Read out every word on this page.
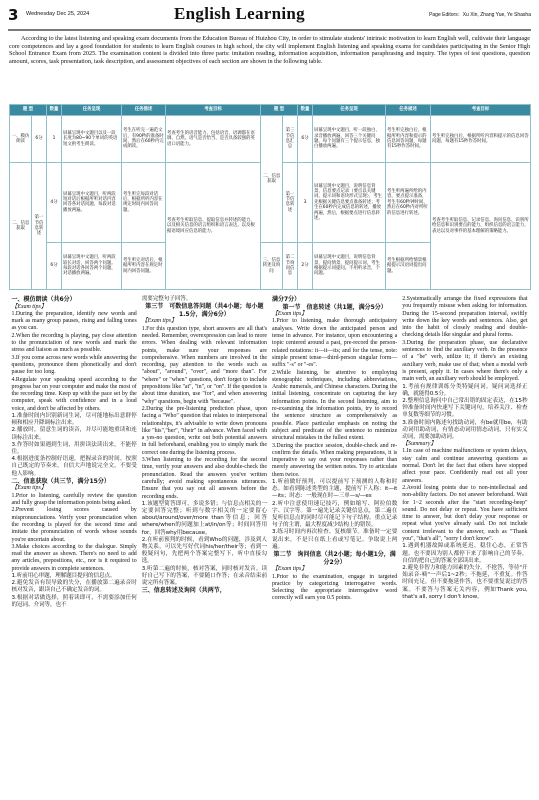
3 Wednesday Dec 25, 2024	English Learning	Page Editors：Xu Xin, Zhang Yue, Ye Shasha

According to the latest listening and speaking exam documents from the Education Bureau of Huizhou City, in order to stimulate students' intrinsic motivation to learn English well, cultivate their language core competences and lay a good foundation for students to learn English courses in high school, the city will implement English listening and speaking exams for candidates participating in the Senior High School Entrance Exam from 2025. The examination content is divided into three parts: imitation reading, information acquisition, information paraphrasing and inquiry. The types of test questions, question amount, scores, task presentation, task description, and assessment objectives of each section are shown in the following table.

题 型		数量	任务呈现	任务描述	考查目标	题 型		数量	任务呈现	任务描述	考查目标
一、模仿朗读	6分	1	屏幕呈现中文题目以及一段长度为80~90个单词的英语短文供考生朗读。	考生在听完一遍范文后，有90秒的准备时间，然后在60秒内完成朗读。	考查考生的语音能力、包括语音、语调都在语调、自然、语气是否恰当、是否具备较强的英语口语能力。	二、信息获取	第三节信息汇总	6分	屏幕呈现中文题目，听一段独白，录音播放两遍，回答三个关键问题，每个问题有三个提示信息，独白播放两遍。	考生听完独白后，根据所听内容和提示的信息回答问题，每题有15秒作答时间。	考生听完独白后，根据所听内容和提示的信息回答问题，每题有15秒作答时间。
二、信息获取	第一节信息转述	4分	屏幕呈现中文题目，听两段短对话后根据所听对话内容回答各对话问题，每段对话播放两遍。	考生听完每段对话后，根据所听内容在规定时间内回答问题。	考查考生听取信息、提取信息并转述的能力，以及相关信息的语言组织和语言表达，以及根据语境回应信息的能力。		第一节信息转述	3	屏幕呈现中文题目，说明信息背景，信息要点记录（要点以关键词、提示词和语块形式呈现），考生先根据关键信息要点准备转述；考生在60秒内完成信息的转述，播放两遍，然后，根据要点进行信息转述。	考生听两遍所给的内容，要点提示准备，考生有60秒钟时间，然后在60秒内对所听的信息进行转述。	考查考生听取信息、记录信息、询问信息、识别所给信息和识别要点的能力，组织信息的语言能力、表达以及对事件的基本理解的策略能力。
		6分	屏幕呈现中文题目，听两段较长对话，回答两个问题。每段对话各回答两个问题，对话播放两遍。	考生听完对话后，根据所听内容在规定时间内回答问题。		三、信息转述及询问	第二节询问信息	2分	屏幕呈现中文题目，说明信息背景，提问情景，提问提示词，考生根据提示词提问。不用听录音，个问题。	考生根据所给情景根据提示汉语词提出问题。	

一、模仿朗读（共6分）

【Exam tips】

1.During the preparation, identify new words and mark as many group pauses, rising and falling tones as you can.

2.When the recording is playing, pay close attention to the pronunciation of new words and mark the stress and liaison as much as possible.

3.If you come across new words while answering the questions, pronounce them phonetically and don't pause for too long.

4.Regulate your speaking speed according to the progress bar on your computer and make the most of the recording time. Keep up with the pace set by the computer, speak with confidence and in a loud voice, and don't be affected by others.

1.准备时间内识别新词生词，尽可能地标出意群停顿和相应升降调标注出来。

2.播放时，留意生词的读音，并尽可能地重读和连读标注出来。

3.作答时如果遇到生词，用拼读法读出来，不能停住。

4.根据进度条控制好语速，把握录音的时间。按照自己既定的节奏来，自信大声地说完全文，不要受他人影响。

二、信息获取（共三节，满分15分）

【Exam tips】

1.Prior to listening, carefully review the question and fully grasp the information points being asked.

2.Prevent losing scores caused by mispronunciations. Verify your pronunciation when the recording is played for the second time and imitate the pronunciation of words whose sounds you're uncertain about.

3.Make choices according to the dialogue. Simply read the answer as shown. There's no need to add any articles, prepositions, etc., nor is it required to provide answers in complete sentences.

1.听前用心审题，理解题目提问的信息点。

2.避免发音有误导致的失分，在播放第二遍录音时核对发音，跟读自己不确定发音的词。

3.根据对话做选择，照着读即可，不需要添加任何的冠词、介词等，也不

需要完整句子回答。

第三节　可数信息答问题（共4小题；每小题1.5分，满分6分）

【Exam tips】

1.For this question type, short answers are all that's needed. Remember, overexpression can lead to more errors. When dealing with relevant information points, make sure your responses are comprehensive. When numbers are involved in the recording, pay attention to the words such as "about", "around", "over", and "more than". For "where" or "when" questions, don't forget to include prepositions like "at", "in", or "on". If the question is about time duration, use "for", and when answering "why" questions, begin with "because".

2.During the pre-listening prediction phase, upon facing a "Who" question that relates to interpersonal relationships, it's advisable to write down pronouns like "his","her", "their" in advance. When faced with a yes-no question, write out both potential answers in full beforehand, enabling you to simply mark the correct one during the listening process.

3.When listening to the recording for the second time, verify your answers and also double-check the pronunciation. Read the answers you've written carefully; avoid making spontaneous utterances. Ensure that you say out all answers before the recording ends.

1.该题型简答即可，多说多错；与信息点相关的一定要回答完整；听到与数字相关的一定要留心about/around/over/more than等信息；回答where/when的问题加上at/in/on等；时间回答用for，回答why用because。

2.在听前预判的时候，看到Who的问题，涉及到人物关系，可以先写好代词his/her/their等；看到一般疑问句，先把两个答案完整写下，听中直接勾选。

3.听第二遍的时候，核对答案，同时核对发音。读好自己写下的答案，不要随口作答；在录音结束前说完所有答案。

三、信息转述及询问（共两节，

满分7分）

第一节　信息转述（共1题，满分5分）

【Exam tips】

1.Prior to listening, make thorough anticipatory analyses. Write down the anticipated person and tense in advance. For instance, upon encountering a topic centered around a past, pre-record the person-related notations: it—it—its; and for the tense, note: simple present tense—third-person singular form—suffix "-s" or "-es".

2.While listening, be attentive to employing stenographic techniques, including abbreviations, Arabic numerals, and Chinese characters. During the initial listening, concentrate on capturing the key information points. In the second listening, aim to re-examining the information points, try to record the sentence structure as comprehensively as possible. Place particular emphasis on noting the subject and predicate of the sentence to minimize structural mistakes in the fullest extent.

3.During the practice session, double-check and re-confirm the details. When making preparations, it is imperative to say out your responses rather than merely answering the written notes. Try to articulate them twice.

1.听前做好预判，可以提前写下预测的人称和时态。如看到陈述类型的主题，提前写下人称：it—it—its；时态：一般现在时—三单—s/—es

2.听中注意使用速记技巧，例如缩写、阿拉伯数字、汉字等。第一遍先记录关键信息点，第二遍在复听信息点的同时尽可能记下句子结构。重点记录句子的主谓，最大程度减少结构上的错误。

3.练习时间内再次检查、复核细节。准备时一定要说出来，不是只在纸上看或写笔记。争取说上两遍。

第二节　询问信息（共2小题；每小题1分，满分2分）

【Exam tips】

1.Prior to the examination, engage in targeted practice by categorizing interrogative words. Selecting the appropriate interrogative word correctly will earn you 0.5 points.

2.Systematically arrange the fixed expressions that you frequently misuse when asking for information. During the 15-second preparation interval, swiftly write down the key words and sentences. Also, get into the habit of closely reading and double-checking details like singular and plural forms.

3.During the preparation phase, use declarative sentences to find the auxiliary verb. In the presence of a "be" verb, utilize it; if there's an existing auxiliary verb, make use of that; when a modal verb is present, apply it. In cases where there's only a main verb, an auxiliary verb should be employed.

1.考前有规律训练分类特疑问词。疑问词选择正确，就能得0.5分。

2.整理信息询问中自己常出错的固定表达，在15秒钟准备时间内快速写下关键词句，培养关注、检查单复数等细节的习惯。

3.准备时间内陈述句找助动词，有be就用be，有助动词用助动词，有情态动词用情态动词，只有实义动词，需要加助动词。

【Summary】

1.In case of machine malfunctions or system delays, stay calm and continue answering questions as normal. Don't let the fact that others have stopped affect your pace. Confidently read out all your answers.

2.Avoid losing points due to non-intellectual and non-ability factors. Do not answer beforehand. Wait for 1~2 seconds after the "start recording-beep" sound. Do not delay or repeat. You have sufficient time to answer, but don't delay your response or repeat what you've already said. Do not include content irrelevant to the answer, such as "Thank you", "that's all", "sorry I don't know".

1.遇到机器故障或系统延迟，稳住心态，正常答题。也不要因为别人都停下来了影响自己的节奏，自信的把自己的答案全部读出来。

2.避免非智力和能力因素的失分。不抢答，等待"开始录音-嘀"一声后1~2秒；不拖延，不重复。作答时间充足，但不要拖延作答，也不要重复说过的答案。不要答与答案无关内容，例如Thank you, that's all, sorry I don't know。
